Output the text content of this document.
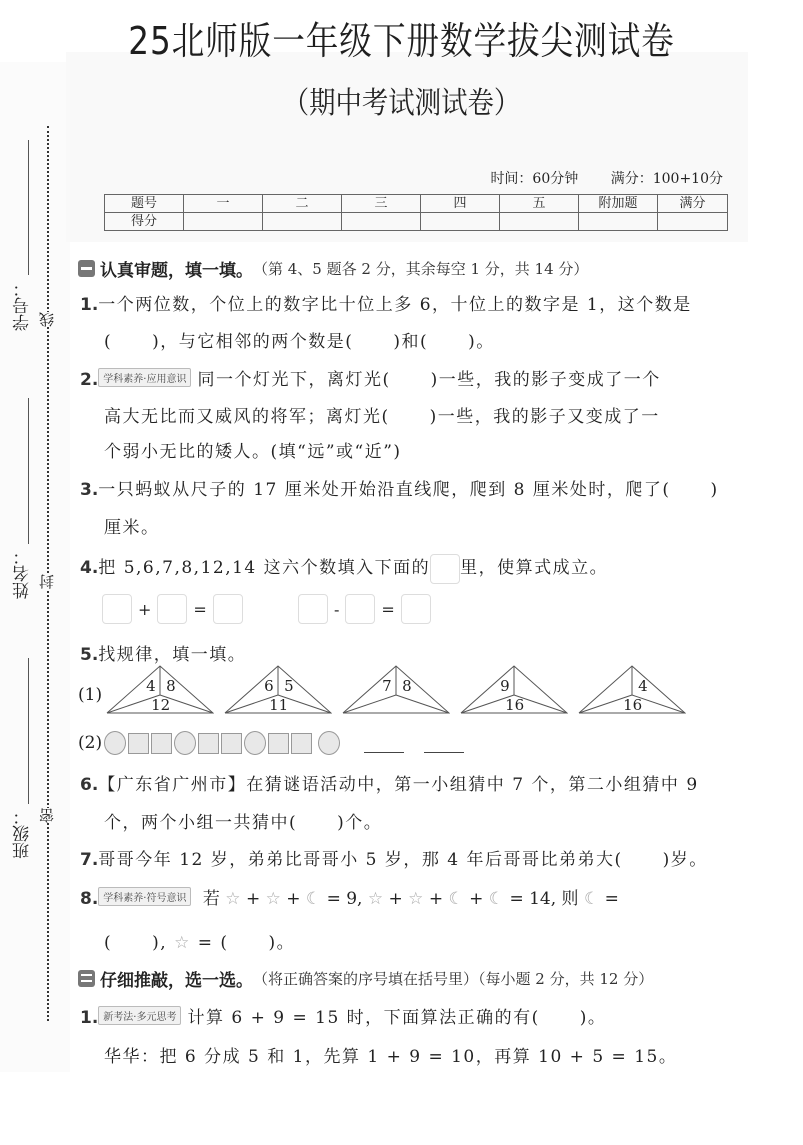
25北师版一年级下册数学拔尖测试卷
（期中考试测试卷）
时间：60分钟 满分：100+10分
题号	一	二	三	四	五	附加题	满分
得分							
线
封
密
学号：
姓名：
班级：
认真审题，填一填。 （第 4、5 题各 2 分，其余每空 1 分，共 14 分）
1.一个两位数，个位上的数字比十位上多 6，十位上的数字是 1，这个数是
( )，与它相邻的两个数是( )和( )。
2. 学科素养·应用意识 同一个灯光下，离灯光( )一些，我的影子变成了一个
高大无比而又威风的将军；离灯光( )一些，我的影子又变成了一
个弱小无比的矮人。(填“远”或“近”)
3.一只蚂蚁从尺子的 17 厘米处开始沿直线爬，爬到 8 厘米处时，爬了( )
厘米。
4.把 5,6,7,8,12,14 这六个数填入下面的 里，使算式成立。
+	=	-	=
5.找规律，填一填。
(1)	4 8
12
6 5
11
7 8	9
16
4
16
(2)
6.【广东省广州市】在猜谜语活动中，第一小组猜中 7 个，第二小组猜中 9
个，两个小组一共猜中( )个。
7.哥哥今年 12 岁，弟弟比哥哥小 5 岁，那 4 年后哥哥比弟弟大( )岁。
8. 学科素养·符号意识 若 ☆ + ☆ + ☾ = 9, ☆ + ☆ + ☾ + ☾ = 14, 则 ☾ =
( ), ☆ = ( )。
仔细推敲，选一选。 （将正确答案的序号填在括号里）（每小题 2 分，共 12 分）
1. 新考法·多元思考 计算 6 + 9 = 15 时，下面算法正确的有( )。
华华：把 6 分成 5 和 1，先算 1 + 9 = 10，再算 10 + 5 = 15。
